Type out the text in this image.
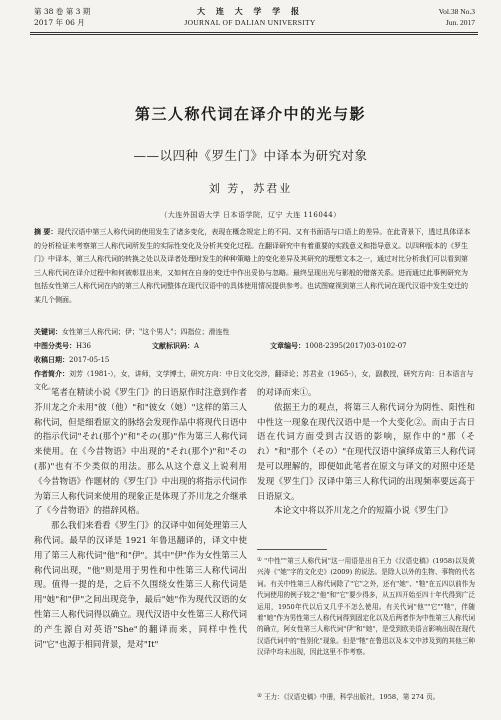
第 38 卷 第 3 期
2017 年 06 月
大 连 大 学 学 报
JOURNAL OF DALIAN UNIVERSITY
Vol.38 No.3
Jun. 2017
第三人称代词在译介中的光与影
——以四种《罗生门》中译本为研究对象
刘 芳，苏君业
（大连外国语大学 日本语学院，辽宁 大连 116044）
摘 要：现代汉语中第三人称代词的使用发生了诸多变化，表现在概念规定上的不同、又有书面语与口语上的差异。在此背景下，透过具体译本的分析检证来考察第三人称代词所发生的实际性变化及分析其变化过程。在翻译研究中有着重要的实践意义和指导意义。以四种版本的《罗生门》中译本，第三人称代词的转换之处以及译者处理时发生的种种策略上的变化差异及其研究的理想文本之一，通过对比分析我们可以看到第三人称代词在译介过程中和何被彰显出来，又如何在自身的变迁中作出妥协与忽略。最终呈现出光与影般的错落关系。进而通过此事例研究为包括女性第三人称代词在内的第三人称代词整体在现代汉语中的具体使用情况提供参考。也试图窥视到第三人称代词在现代汉语中发生变迁的某几个侧面。
关键词：女性第三人称代词；伊；"这个男人"；四指位；滑连性
中图分类号：H36	文献标识码：A	文章编号：1008-2395(2017)03-0102-07
收稿日期：2017-05-15
作者简介：刘芳（1981-），女，讲师，文学博士，研究方向：中日文化交涉，翻译论；苏君业（1965-），女，副教授，研究方向：日本语言与文化。

笔者在精读小说《罗生门》的日语原作时注意到作者芥川龙之介未用"彼（他）"和"彼女（她）"这样的第三人称代词，但是细看原文的脉络会发现作品中将现代日语中的指示代词"それ(那个)"和"その(那)"作为第三人称代词来使用。在《今昔物语》中出现的"それ(那个)"和"その(那)"也有不少类似的用法。那么从这个意义上说利用《今昔物语》作题材的《罗生门》中出现的将指示代词作为第三人称代词来使用的现象正是体现了芥川龙之介继承了《今昔物语》的措辞风格。

那么我们来看看《罗生门》的汉译中如何处理第三人称代词。最早的汉译是 1921 年鲁迅翻译的，译文中使用了第三人称代词"他"和"伊"。其中"伊"作为女性第三人称代词出现，"他"则是用于男性和中性第三人称代词出现。值得一提的是，之后不久围绕女性第三人称代词是用"她"和"伊"之间出现竞争，最后"她"作为现代汉语的女性第三人称代词得以确立。现代汉语中女性第三人称代词的产生源自对英语"She"的翻译而来，同样中性代词"它"也源于相同背景，是对"It"

的对译而来①。

依据王力的观点，将第三人称代词分为阴性、阳性和中性这一现象在现代汉语中是一个大变化②。而由于古日语在代词方面受到古汉语的影响，原作中的"那（それ）"和"那个（その）"在现代汉语中演绎成第三人称代词是可以理解的，即便如此笔者在原文与译文的对照中还是发现《罗生门》汉译中第三人称代词的出现频率要远高于日语原文。

本论文中将以芥川龙之介的短篇小说《罗生门》

① "中性""第三人称代词"这一用语是出自王力《汉语史稿》(1958)以及黄兴涛《"她"字的文化史》(2009) 的说法。是除人以外的生物、事物的代名词。有关中性第三人称代词除了"它"之外，还有"她"、"牠"在五四以前作为代词使用的例子较之"他"和"它"要少得多，从五四开始至四十年代得到广泛运用，1950年代以后又几乎不怎么使用。有关代词"他""它""牠"，伴随着"她"作为男性第三人称代词得到固定化以及后两者作为中性第三人称代词的确立，阿女性第三人称代词"伊"和"她"，是受到欧美语言影响出现在现代汉语代词中的"性别化"现象。但是"牠"在鲁迅以及本文中涉及到的其他三种汉译中均未出现，因此这里不作考察。
② 王力：《汉语史稿》中册，科学出版社，1958，第 274 页。
